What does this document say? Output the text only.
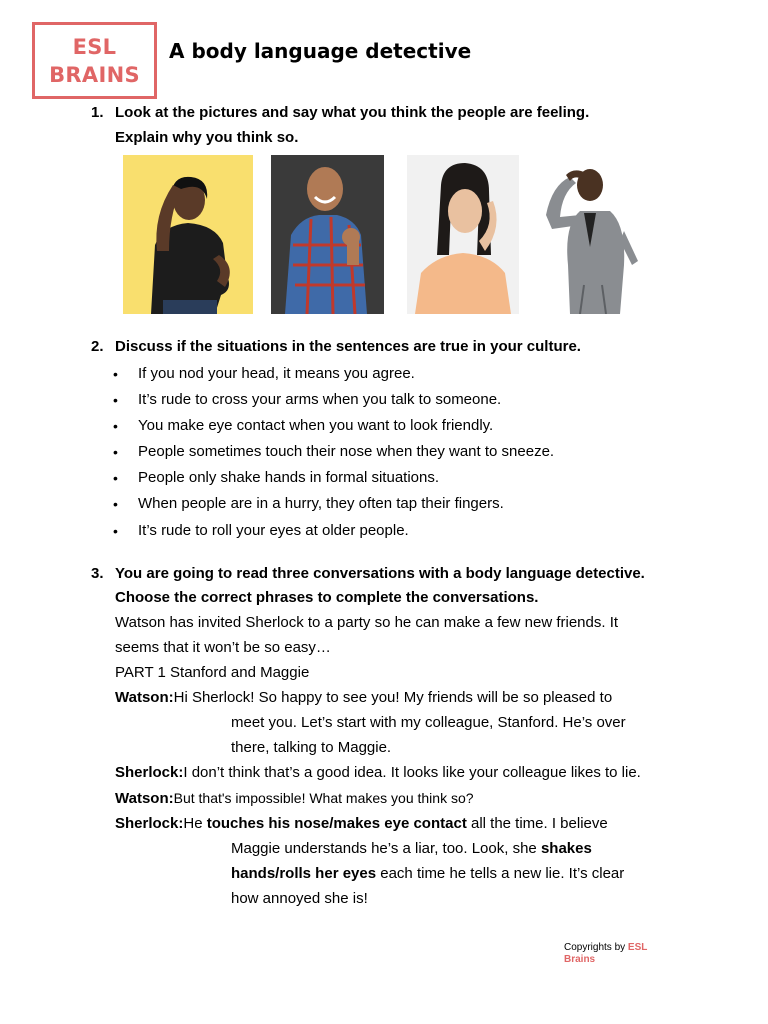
ESL
BRAINS
A body language detective
1. Look at the pictures and say what you think the people are feeling.
Explain why you think so.
2. Discuss if the situations in the sentences are true in your culture.
• If you nod your head, it means you agree.
• It’s rude to cross your arms when you talk to someone.
• You make eye contact when you want to look friendly.
• People sometimes touch their nose when they want to sneeze.
• People only shake hands in formal situations.
• When people are in a hurry, they often tap their fingers.
• It’s rude to roll your eyes at older people.
3. You are going to read three conversations with a body language detective.
Choose the correct phrases to complete the conversations.
Watson has invited Sherlock to a party so he can make a few new friends. It
seems that it won’t be so easy…
PART 1 Stanford and Maggie
Watson:Hi Sherlock! So happy to see you! My friends will be so pleased to
meet you. Let’s start with my colleague, Stanford. He’s over
there, talking to Maggie.
Sherlock:I don’t think that’s a good idea. It looks like your colleague likes to lie.
Watson:But that's impossible! What makes you think so?
Sherlock:He touches his nose/makes eye contact all the time. I believe
Maggie understands he’s a liar, too. Look, she shakes
hands/rolls her eyes each time he tells a new lie. It’s clear
how annoyed she is!
Copyrights by ESL
Brains
